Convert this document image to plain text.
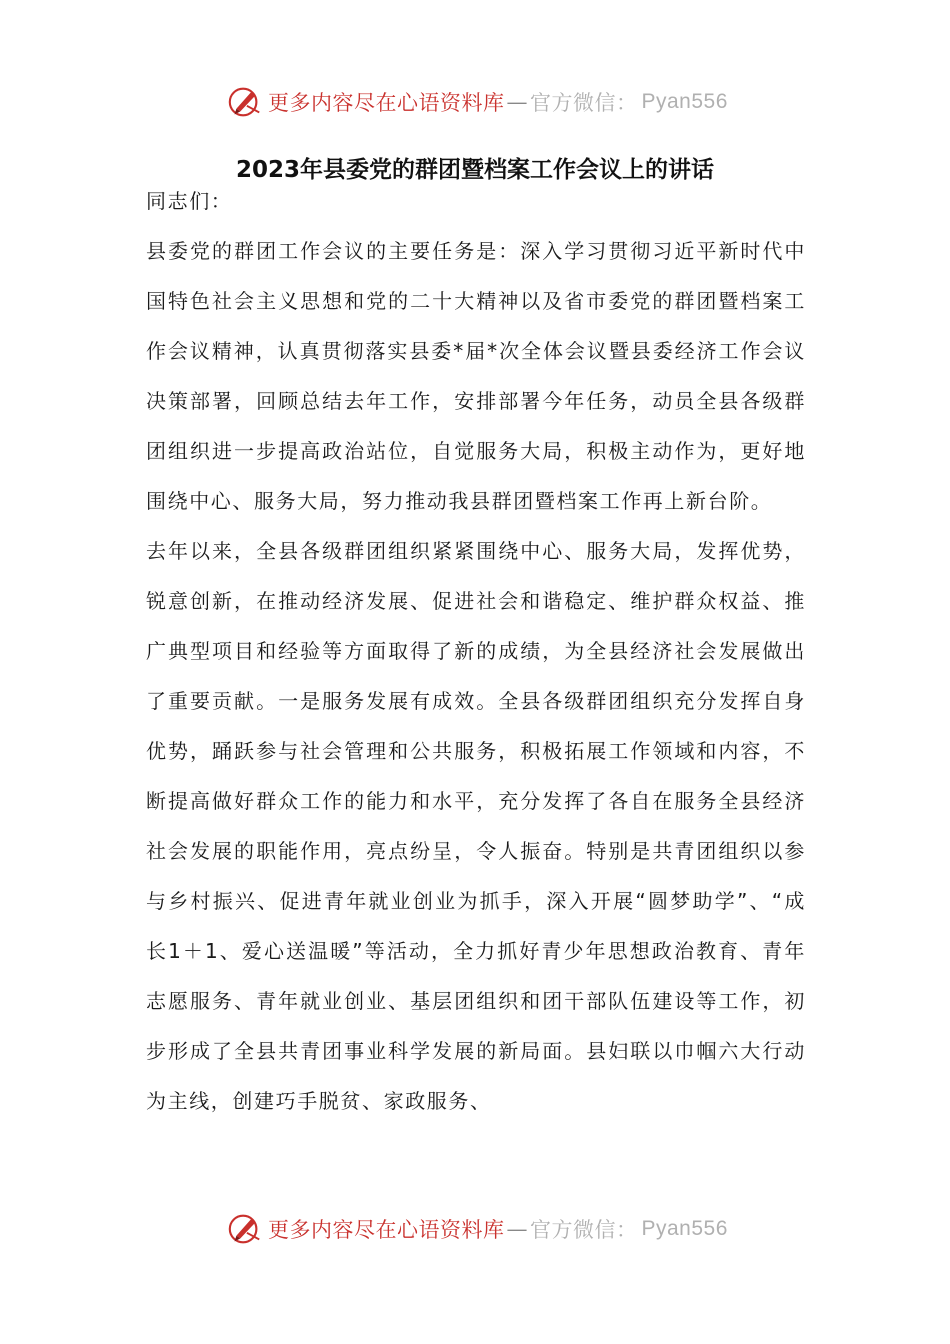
更多内容尽在心语资料库 — 官方微信： Pyan556
2023年县委党的群团暨档案工作会议上的讲话

同志们：

县委党的群团工作会议的主要任务是：深入学习贯彻习近平新时代中国特色社会主义思想和党的二十大精神以及省市委党的群团暨档案工作会议精神，认真贯彻落实县委*届*次全体会议暨县委经济工作会议决策部署，回顾总结去年工作，安排部署今年任务，动员全县各级群团组织进一步提高政治站位，自觉服务大局，积极主动作为，更好地围绕中心、服务大局，努力推动我县群团暨档案工作再上新台阶。

去年以来，全县各级群团组织紧紧围绕中心、服务大局，发挥优势，锐意创新，在推动经济发展、促进社会和谐稳定、维护群众权益、推广典型项目和经验等方面取得了新的成绩，为全县经济社会发展做出了重要贡献。一是服务发展有成效。全县各级群团组织充分发挥自身优势，踊跃参与社会管理和公共服务，积极拓展工作领域和内容，不断提高做好群众工作的能力和水平，充分发挥了各自在服务全县经济社会发展的职能作用，亮点纷呈，令人振奋。特别是共青团组织以参与乡村振兴、促进青年就业创业为抓手，深入开展“圆梦助学”、“成长1＋1、爱心送温暖”等活动，全力抓好青少年思想政治教育、青年志愿服务、青年就业创业、基层团组织和团干部队伍建设等工作，初步形成了全县共青团事业科学发展的新局面。县妇联以巾帼六大行动为主线，创建巧手脱贫、家政服务、

更多内容尽在心语资料库 — 官方微信： Pyan556
